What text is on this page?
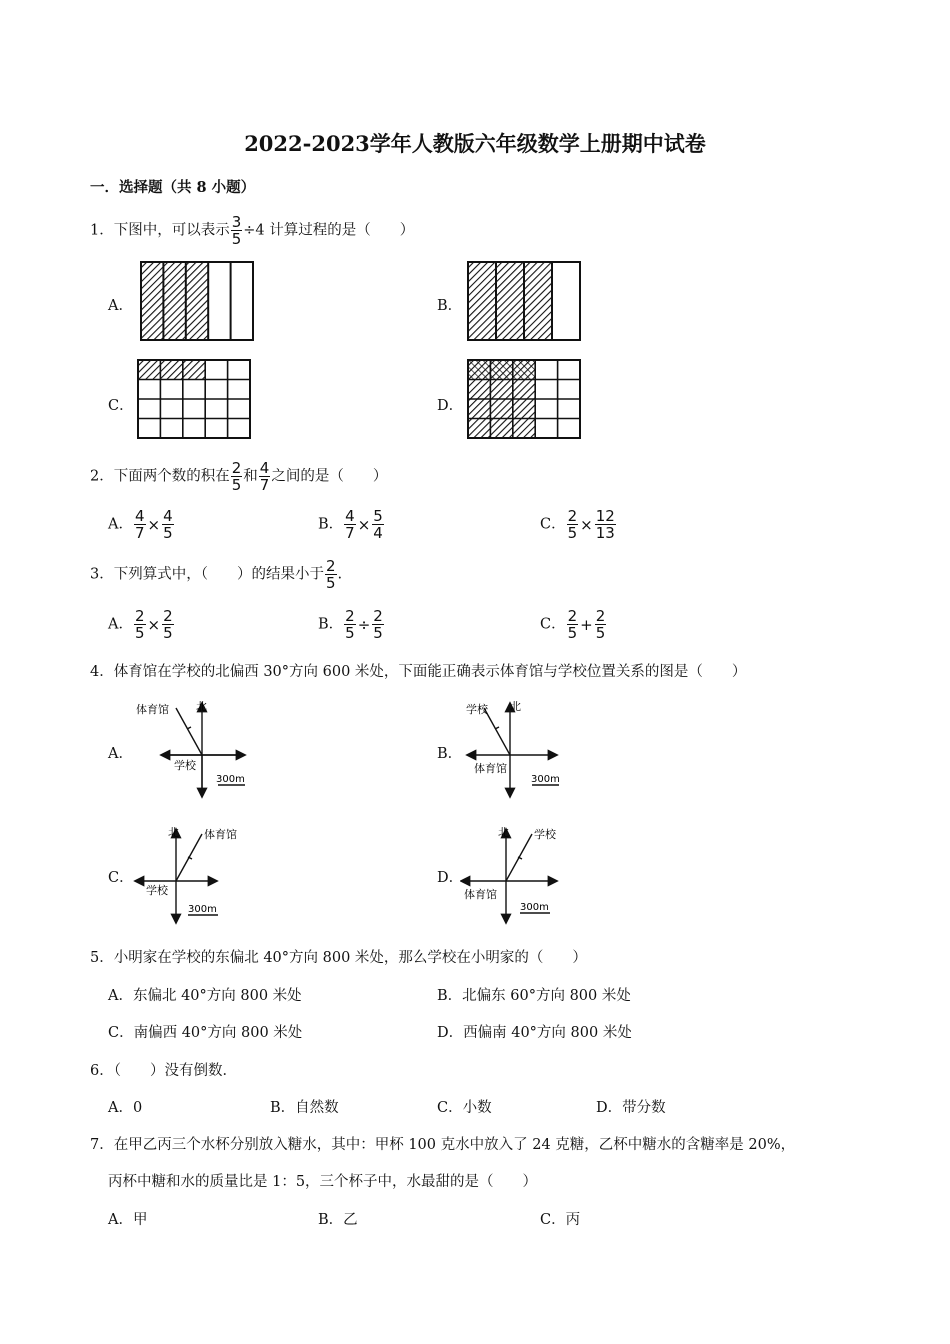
2022-2023学年人教版六年级数学上册期中试卷
一．选择题（共 8 小题）
1．下图中，可以表示 $\frac{3}{5} \div 4$ 计算过程的是（　　）
A．	B．
C．	D．
2．下面两个数的积在 $\frac{2}{5}$ 和 $\frac{4}{7}$ 之间的是（　　）
A． $\frac{4}{7} \times \frac{4}{5}$	B． $\frac{4}{7} \times \frac{5}{4}$	C． $\frac{2}{5} \times \frac{12}{13}$
3．下列算式中，（　　）的结果小于 $\frac{2}{5}$ .
A． $\frac{2}{5} \times \frac{2}{5}$	B． $\frac{2}{5} \div \frac{2}{5}$	C． $\frac{2}{5} + \frac{2}{5}$
4．体育馆在学校的北偏西 30°方向 600 米处，下面能正确表示体育馆与学校位置关系的图是（　　）
A．	B．
C．	D．
体育馆 北
学校
300m
学校 北
体育馆
300m
北 体育馆
学校
300m
北 学校
体育馆
300m
5．小明家在学校的东偏北 40°方向 800 米处，那么学校在小明家的（　　）
A．东偏北 40°方向 800 米处	B．北偏东 60°方向 800 米处
C．南偏西 40°方向 800 米处	D．西偏南 40°方向 800 米处
6．（　　）没有倒数．
A．0	B．自然数	C．小数	D．带分数
7．在甲乙丙三个水杯分别放入糖水，其中：甲杯 100 克水中放入了 24 克糖，乙杯中糖水的含糖率是 20%，
丙杯中糖和水的质量比是 1：5，三个杯子中，水最甜的是（　　）
A．甲	B．乙	C．丙
